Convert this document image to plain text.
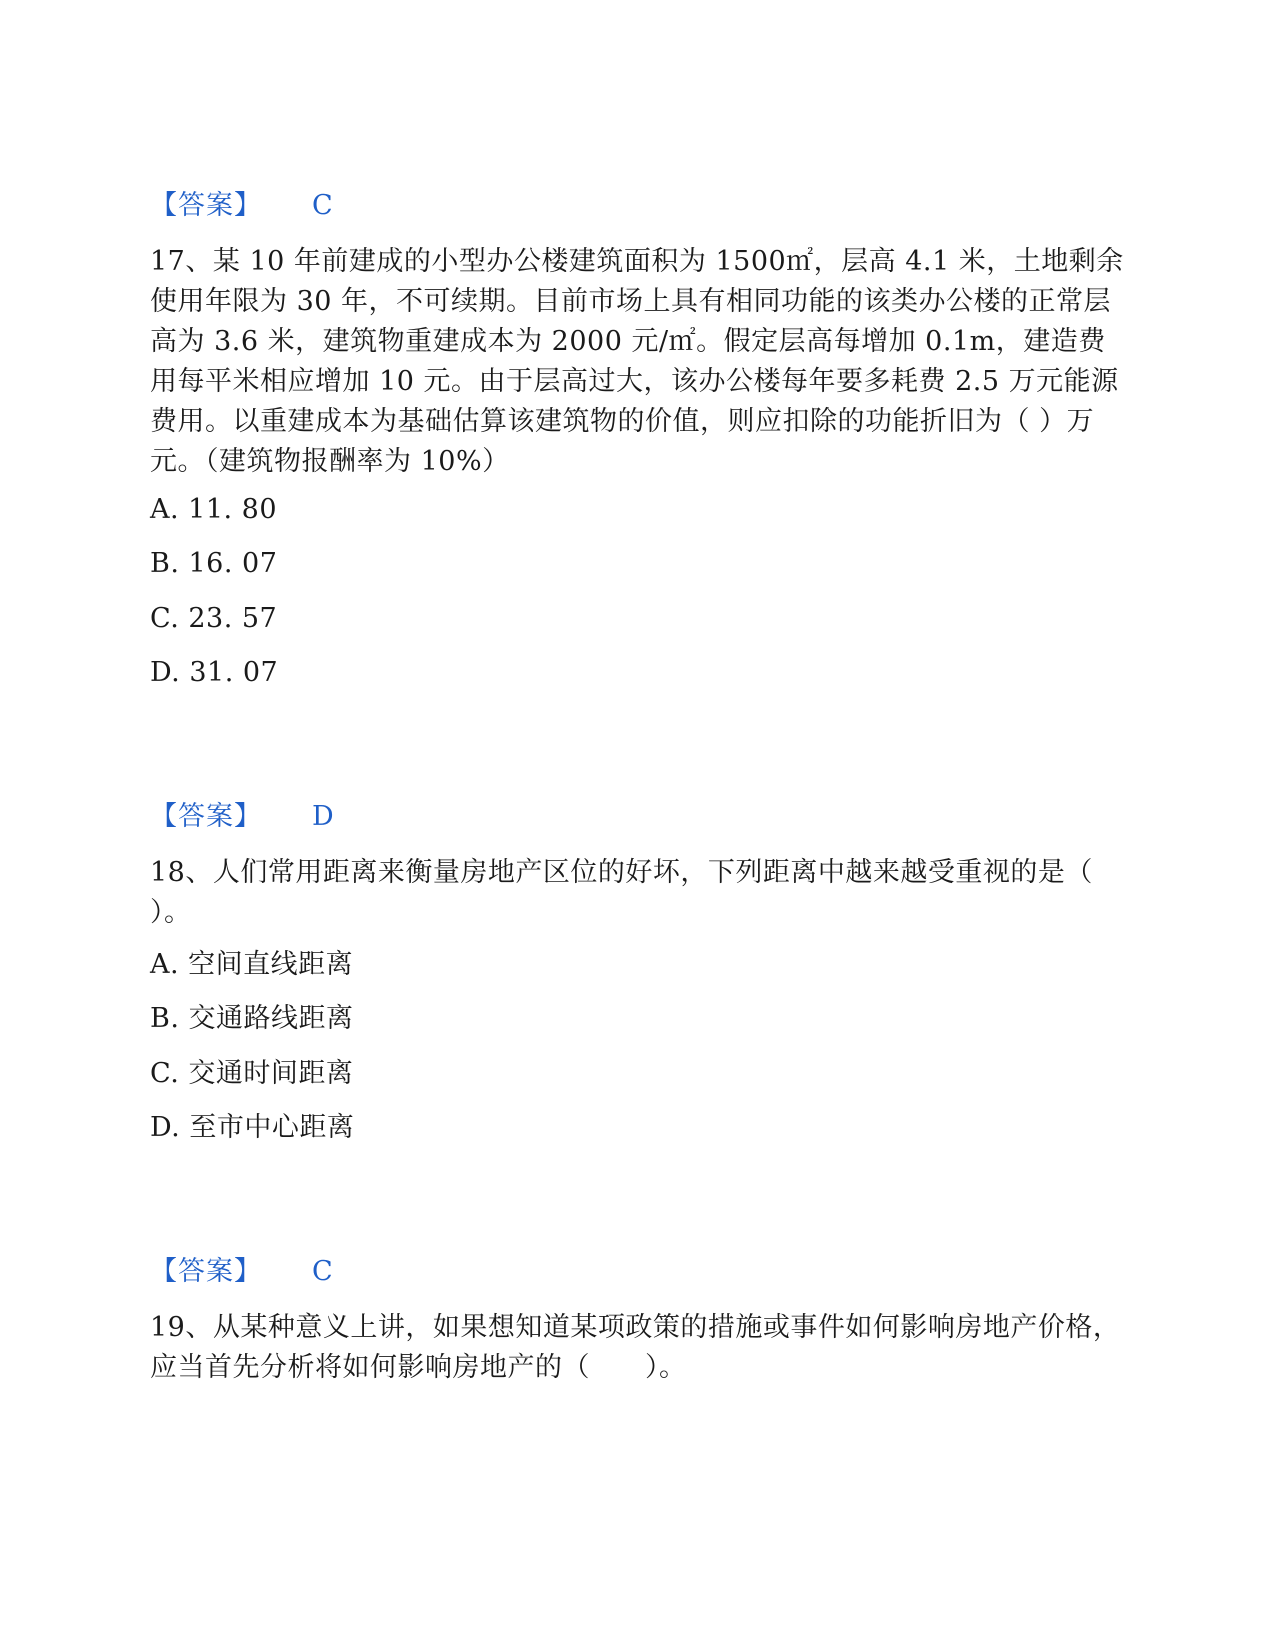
【答案】 C
17、某 10 年前建成的小型办公楼建筑面积为 1500㎡，层高 4.1 米，土地剩余使用年限为 30 年，不可续期。目前市场上具有相同功能的该类办公楼的正常层高为 3.6 米，建筑物重建成本为 2000 元/㎡。假定层高每增加 0.1m，建造费用每平米相应增加 10 元。由于层高过大，该办公楼每年要多耗费 2.5 万元能源费用。以重建成本为基础估算该建筑物的价值，则应扣除的功能折旧为（ ）万元。（建筑物报酬率为 10%）
A. 11. 80
B. 16. 07
C. 23. 57
D. 31. 07
【答案】 D
18、人们常用距离来衡量房地产区位的好坏，下列距离中越来越受重视的是（ ）。
A. 空间直线距离
B. 交通路线距离
C. 交通时间距离
D. 至市中心距离
【答案】 C
19、从某种意义上讲，如果想知道某项政策的措施或事件如何影响房地产价格，应当首先分析将如何影响房地产的（　　）。
